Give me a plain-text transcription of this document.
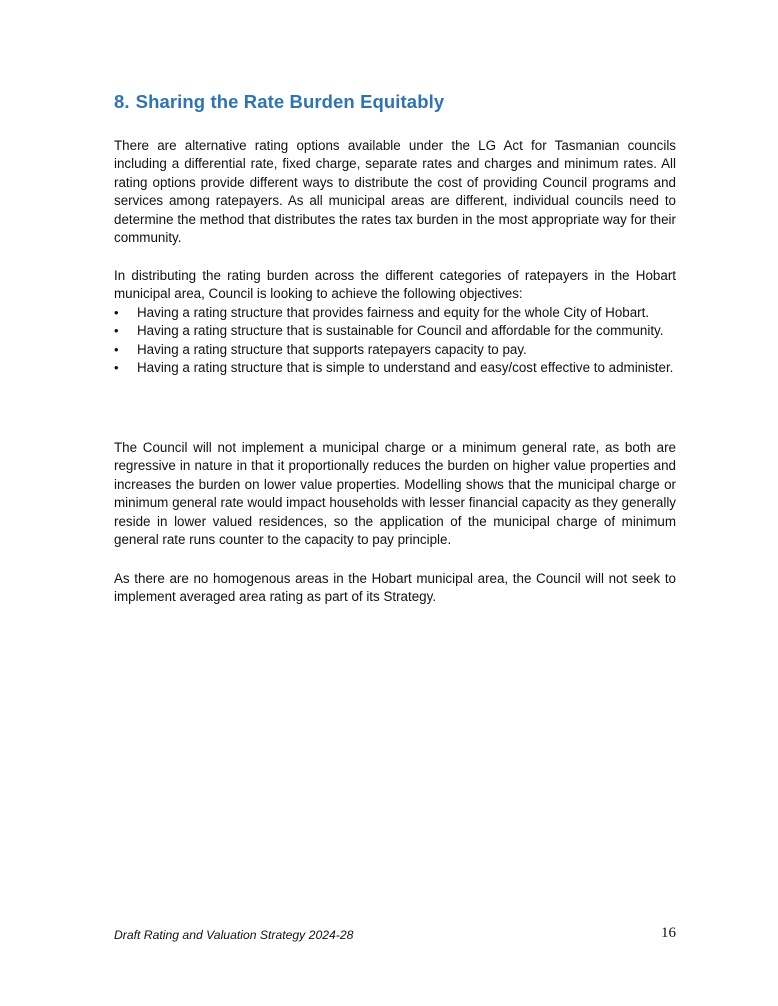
8. Sharing the Rate Burden Equitably

There are alternative rating options available under the LG Act for Tasmanian councils including a differential rate, fixed charge, separate rates and charges and minimum rates. All rating options provide different ways to distribute the cost of providing Council programs and services among ratepayers. As all municipal areas are different, individual councils need to determine the method that distributes the rates tax burden in the most appropriate way for their community.

In distributing the rating burden across the different categories of ratepayers in the Hobart municipal area, Council is looking to achieve the following objectives:

•	Having a rating structure that provides fairness and equity for the whole City of Hobart.
•	Having a rating structure that is sustainable for Council and affordable for the community.
•	Having a rating structure that supports ratepayers capacity to pay.
•	Having a rating structure that is simple to understand and easy/cost effective to administer.

The Council will not implement a municipal charge or a minimum general rate, as both are regressive in nature in that it proportionally reduces the burden on higher value properties and increases the burden on lower value properties. Modelling shows that the municipal charge or minimum general rate would impact households with lesser financial capacity as they generally reside in lower valued residences, so the application of the municipal charge of minimum general rate runs counter to the capacity to pay principle.

As there are no homogenous areas in the Hobart municipal area, the Council will not seek to implement averaged area rating as part of its Strategy.

Draft Rating and Valuation Strategy 2024-28	16
